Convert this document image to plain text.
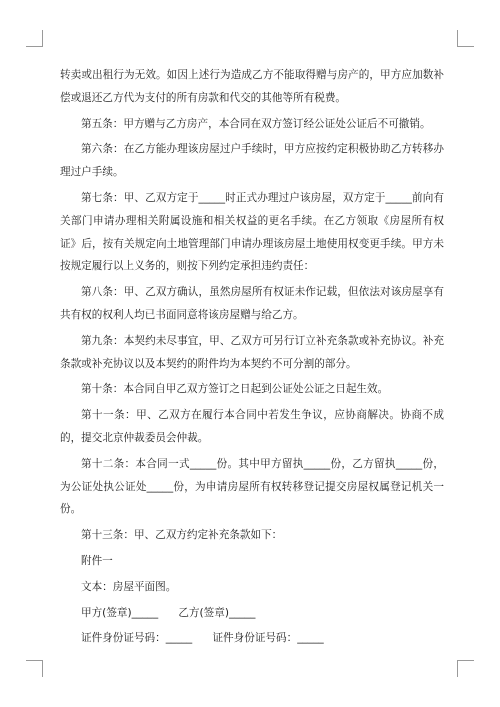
转卖或出租行为无效。如因上述行为造成乙方不能取得赠与房产的，甲方应加数补偿或退还乙方代为支付的所有房款和代交的其他等所有税费。

第五条：甲方赠与乙方房产，本合同在双方签订经公证处公证后不可撤销。

第六条：在乙方能办理该房屋过户手续时，甲方应按约定积极协助乙方转移办理过户手续。

第七条：甲、乙双方定于_____时正式办理过户该房屋，双方定于_____前向有关部门申请办理相关附属设施和相关权益的更名手续。在乙方领取《房屋所有权证》后，按有关规定向土地管理部门申请办理该房屋土地使用权变更手续。甲方未按规定履行以上义务的，则按下列约定承担违约责任：

第八条：甲、乙双方确认，虽然房屋所有权证未作记载，但依法对该房屋享有共有权的权利人均已书面同意将该房屋赠与给乙方。

第九条：本契约未尽事宜，甲、乙双方可另行订立补充条款或补充协议。补充条款或补充协议以及本契约的附件均为本契约不可分割的部分。

第十条：本合同自甲乙双方签订之日起到公证处公证之日起生效。

第十一条：甲、乙双方在履行本合同中若发生争议，应协商解决。协商不成的，提交北京仲裁委员会仲裁。

第十二条：本合同一式_____份。其中甲方留执_____份，乙方留执_____份，为公证处执公证处_____份，为申请房屋所有权转移登记提交房屋权属登记机关一份。

第十三条：甲、乙双方约定补充条款如下：

附件一

文本：房屋平面图。

甲方(签章)_____      乙方(签章)_____

证件身份证号码：_____      证件身份证号码：_____
